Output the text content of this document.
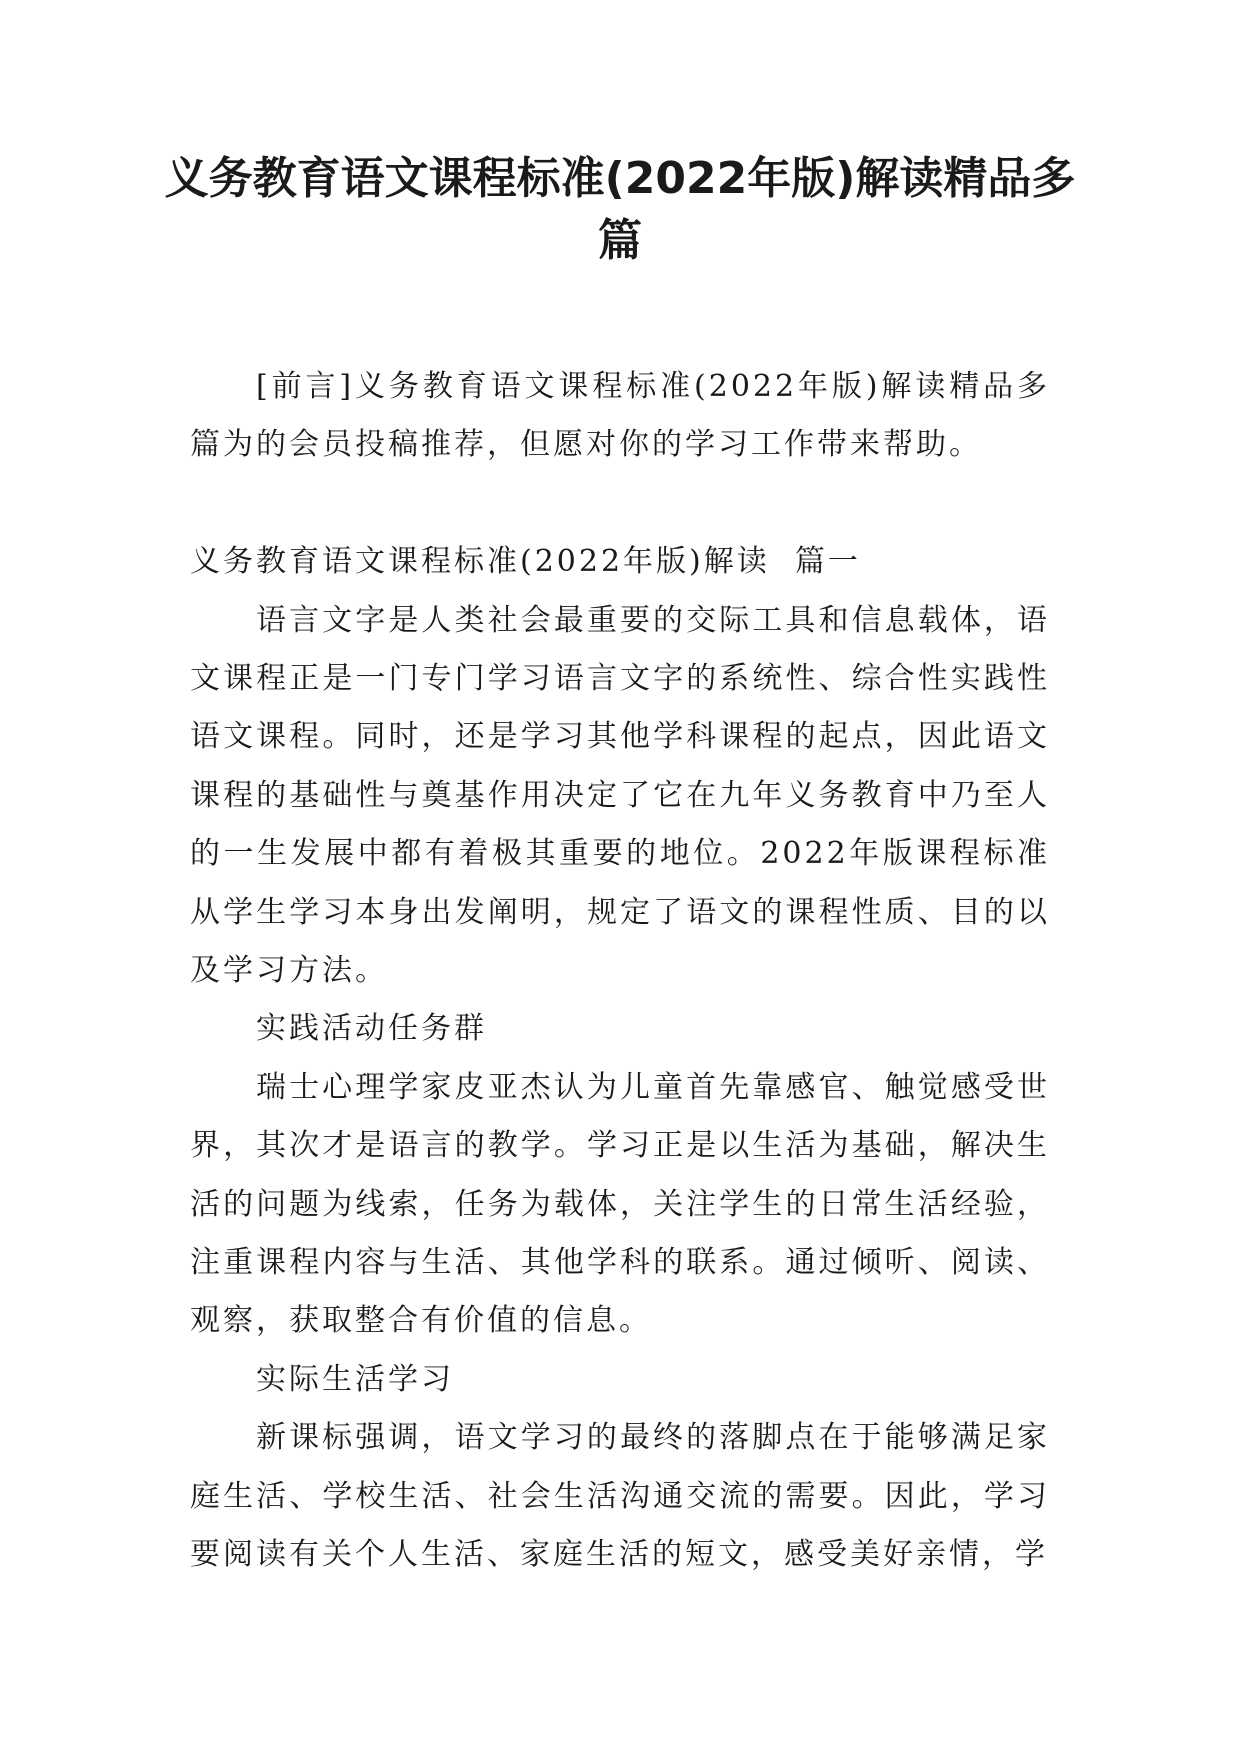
义务教育语文课程标准(2022年版)解读精品多篇

[前言]义务教育语文课程标准(2022年版)解读精品多篇为的会员投稿推荐，但愿对你的学习工作带来帮助。

义务教育语文课程标准(2022年版)解读  篇一

语言文字是人类社会最重要的交际工具和信息载体，语文课程正是一门专门学习语言文字的系统性、综合性实践性语文课程。同时，还是学习其他学科课程的起点，因此语文课程的基础性与奠基作用决定了它在九年义务教育中乃至人的一生发展中都有着极其重要的地位。2022年版课程标准从学生学习本身出发阐明，规定了语文的课程性质、目的以及学习方法。

实践活动任务群

瑞士心理学家皮亚杰认为儿童首先靠感官、触觉感受世界，其次才是语言的教学。学习正是以生活为基础，解决生活的问题为线索，任务为载体，关注学生的日常生活经验，注重课程内容与生活、其他学科的联系。通过倾听、阅读、观察，获取整合有价值的信息。

实际生活学习

新课标强调，语文学习的最终的落脚点在于能够满足家庭生活、学校生活、社会生活沟通交流的需要。因此，学习要阅读有关个人生活、家庭生活的短文，感受美好亲情，学
